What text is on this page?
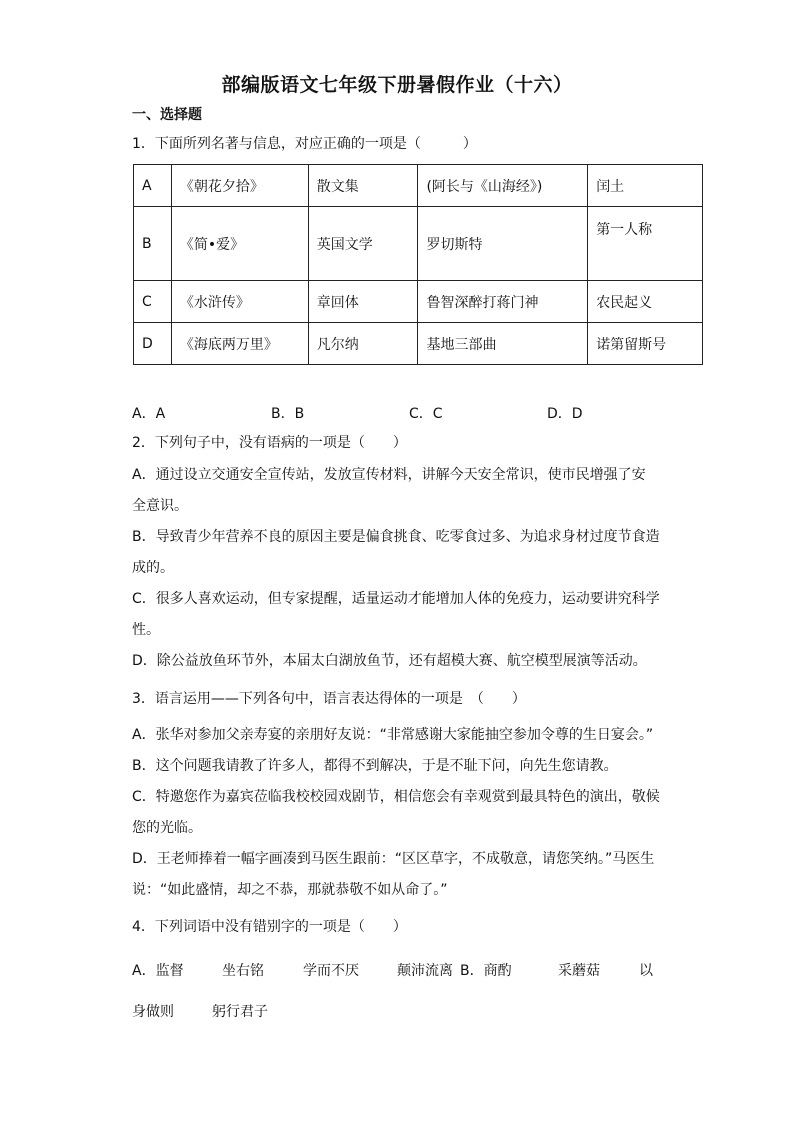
部编版语文七年级下册暑假作业（十六）
一、选择题
1．下面所列名著与信息，对应正确的一项是（　　　）
A	《朝花夕拾》	散文集	(阿长与《山海经》)	闰土
B	《简•爱》	英国文学	罗切斯特	第一人称
C	《水浒传》	章回体	鲁智深醉打蒋门神	农民起义
D	《海底两万里》	凡尔纳	基地三部曲	诺第留斯号
A．A	B．B	C．C	D．D
2．下列句子中，没有语病的一项是（　　）
A．通过设立交通安全宣传站，发放宣传材料，讲解今天安全常识，使市民增强了安
全意识。
B．导致青少年营养不良的原因主要是偏食挑食、吃零食过多、为追求身材过度节食造
成的。
C．很多人喜欢运动，但专家提醒，适量运动才能增加人体的免疫力，运动要讲究科学
性。
D．除公益放鱼环节外，本届太白湖放鱼节，还有超模大赛、航空模型展演等活动。
3．语言运用——下列各句中，语言表达得体的一项是　（　　）
A．张华对参加父亲寿宴的亲朋好友说：“非常感谢大家能抽空参加令尊的生日宴会。”
B．这个问题我请教了许多人，都得不到解决，于是不耻下问，向先生您请教。
C．特邀您作为嘉宾莅临我校校园戏剧节，相信您会有幸观赏到最具特色的演出，敬候
您的光临。
D．王老师捧着一幅字画凑到马医生跟前：“区区草字，不成敬意，请您笑纳。”马医生
说：“如此盛情，却之不恭，那就恭敬不如从命了。”
4．下列词语中没有错别字的一项是（　　）
A．监督	坐右铭	学而不厌	颠沛流离 B．商酌	采蘑菇	以
身做则	躬行君子
